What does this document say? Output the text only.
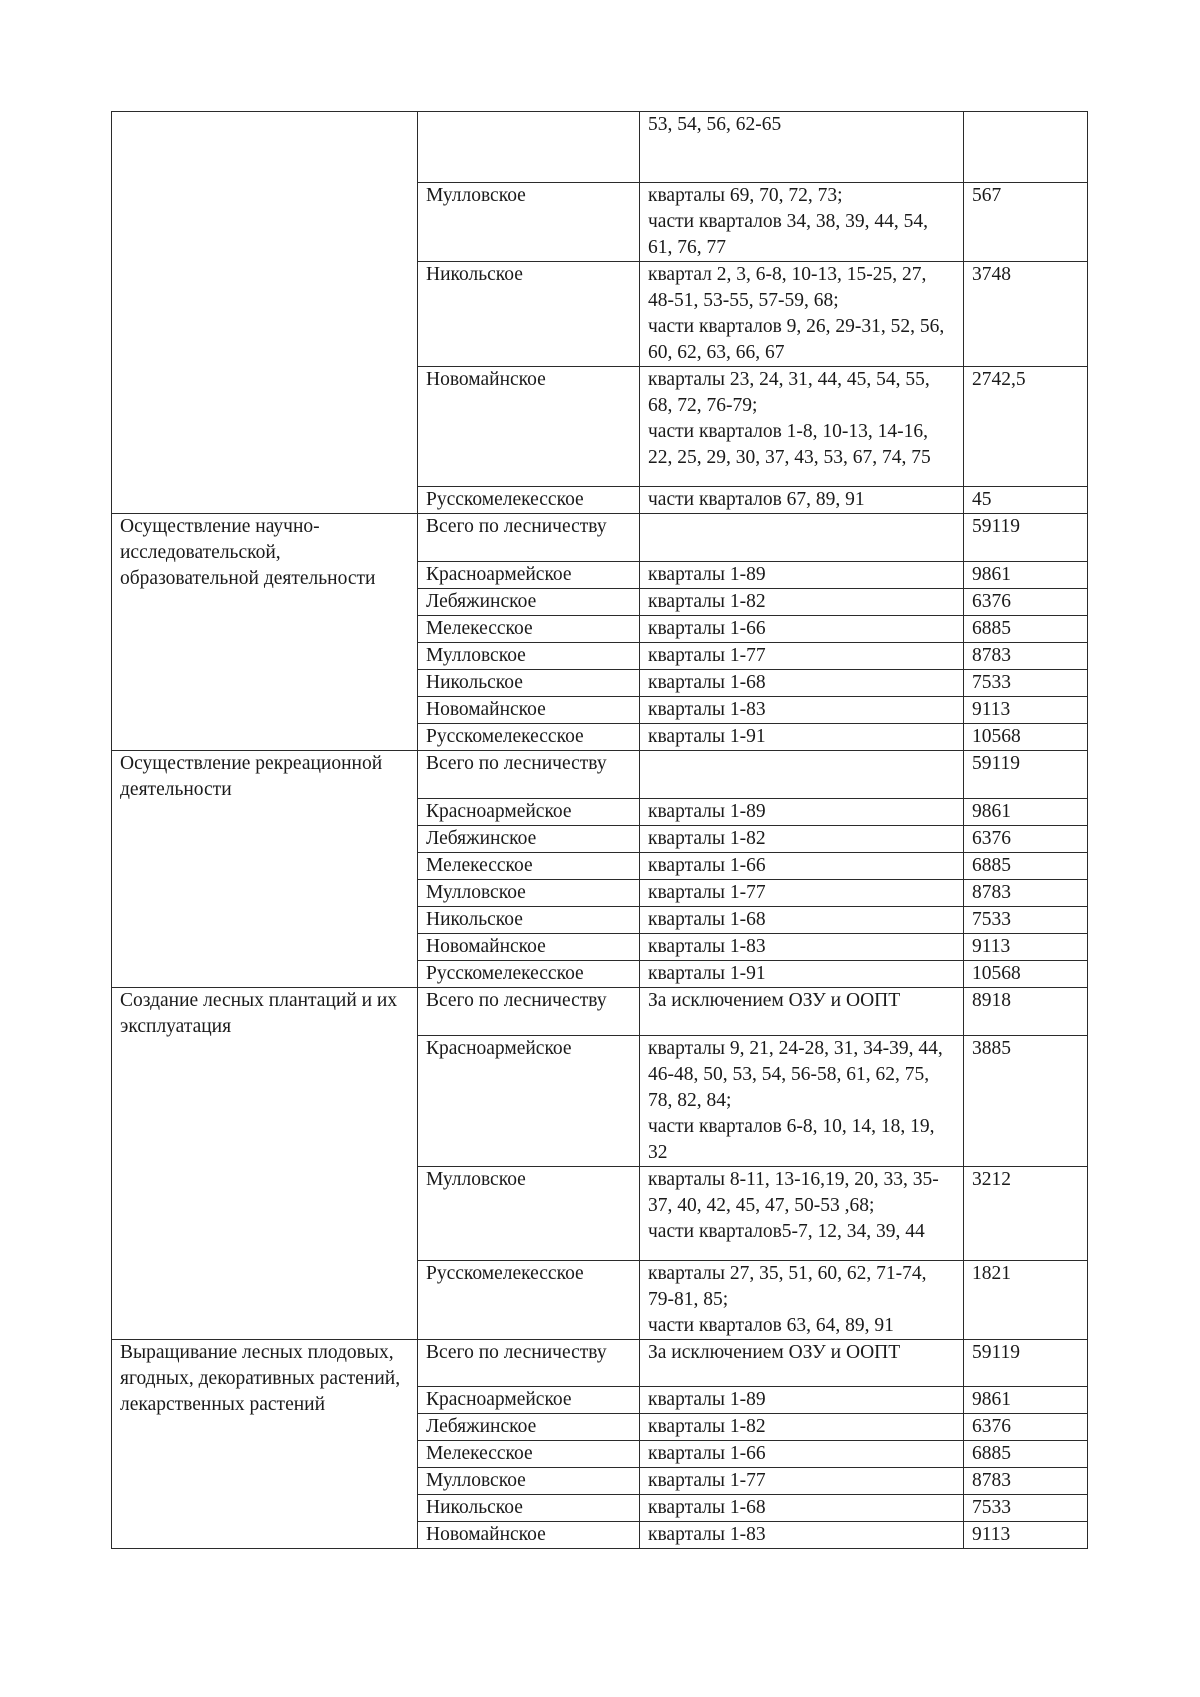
		53, 54, 56, 62-65	

	Мулловское	кварталы 69, 70, 72, 73;
части кварталов 34, 38, 39, 44, 54, 61, 76, 77	567

	Никольское	квартал 2, 3, 6-8, 10-13, 15-25, 27, 48-51, 53-55, 57-59, 68;
части кварталов 9, 26, 29-31, 52, 56, 60, 62, 63, 66, 67	3748

	Новомайнское	кварталы 23, 24, 31, 44, 45, 54, 55, 68, 72, 76-79;
части кварталов 1-8, 10-13, 14-16, 22, 25, 29, 30, 37, 43, 53, 67, 74, 75	2742,5

	Русскомелекесское	части кварталов 67, 89, 91	45

Осуществление научно-исследовательской, образовательной деятельности	Всего по лесничеству		59119

	Красноармейское	кварталы 1-89	9861

	Лебяжинское	кварталы 1-82	6376

	Мелекесское	кварталы 1-66	6885

	Мулловское	кварталы 1-77	8783

	Никольское	кварталы 1-68	7533

	Новомайнское	кварталы 1-83	9113

	Русскомелекесское	кварталы 1-91	10568

Осуществление рекреационной деятельности	Всего по лесничеству		59119

	Красноармейское	кварталы 1-89	9861

	Лебяжинское	кварталы 1-82	6376

	Мелекесское	кварталы 1-66	6885

	Мулловское	кварталы 1-77	8783

	Никольское	кварталы 1-68	7533

	Новомайнское	кварталы 1-83	9113

	Русскомелекесское	кварталы 1-91	10568

Создание лесных плантаций и их эксплуатация	Всего по лесничеству	За исключением ОЗУ и ООПТ	8918

	Красноармейское	кварталы 9, 21, 24-28, 31, 34-39, 44, 46-48, 50, 53, 54, 56-58, 61, 62, 75, 78, 82, 84;
части кварталов 6-8, 10, 14, 18, 19, 32	3885

	Мулловское	кварталы 8-11, 13-16,19, 20, 33, 35-37, 40, 42, 45, 47, 50-53 ,68;
части кварталов5-7, 12, 34, 39, 44	3212

	Русскомелекесское	кварталы 27, 35, 51, 60, 62, 71-74, 79-81, 85;
части кварталов 63, 64, 89, 91	1821

Выращивание лесных плодовых, ягодных, декоративных растений, лекарственных растений	Всего по лесничеству	За исключением ОЗУ и ООПТ	59119

	Красноармейское	кварталы 1-89	9861

	Лебяжинское	кварталы 1-82	6376

	Мелекесское	кварталы 1-66	6885

	Мулловское	кварталы 1-77	8783

	Никольское	кварталы 1-68	7533

	Новомайнское	кварталы 1-83	9113
